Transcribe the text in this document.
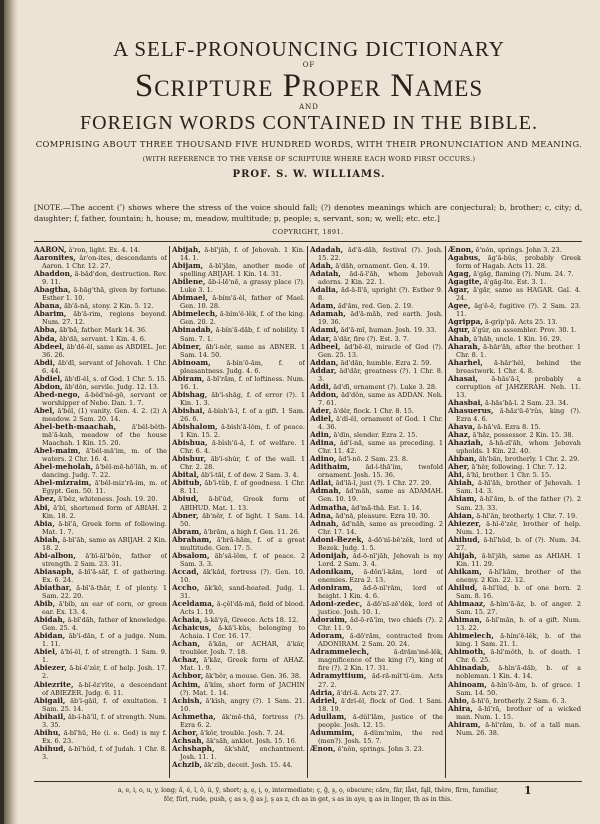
A SELF-PRONOUNCING DICTIONARY
OF
Scripture Proper Names
AND
FOREIGN WORDS CONTAINED IN THE BIBLE.
COMPRISING ABOUT THREE THOUSAND FIVE HUNDRED WORDS, WITH THEIR PRONUNCIATION AND MEANING.
(WITH REFERENCE TO THE VERSE OF SCRIPTURE WHERE EACH WORD FIRST OCCURS.)
PROF. S. W. WILLIAMS.
[NOTE.—The accent (ʹ) shows where the stress of the voice should fall; (?) denotes meanings which are conjectural; b, brother; c, city; d, daughter; f, father, fountain; h, house; m, meadow, multitude; p, people; s, servant, son; w, well; etc. etc.]
COPYRIGHT, 1891.
AARON, â'ron, light. Ex. 4. 14.
Aaronites, âr'on-ites, descendants of Aaron. 1 Chr. 12. 27.
Abaddon, ă-băd'don, destruction. Rev. 9. 11.
Abagtha, ă-băg'thă, given by fortune. Esther 1. 10.
Abana, ăb'ă-nă, stony. 2 Kin. 5. 12.
Abarim, ăb'ă-rim, regions beyond. Num. 27. 12.
Abba, ăb'bă, father. Mark 14. 36.
Abda, ăb'dă, servant. 1 Kin. 4. 6.
Abdeel, ăb'dē-ĕl, same as ABDIEL. Jer. 36. 26.
Abdi, ăb'dī, servant of Jehovah. 1 Chr. 6. 44.
Abdiel, ăb'dī-ĕl, s. of God. 1 Chr. 5. 15.
Abdon, ăb'dŏn, servile. Judg. 12. 13.
Abed-nego, ă-bĕd'nĕ-gō, servant or worshipper of Nebo. Dan. 1. 7.
Abel, ā'bĕl, (1) vanity. Gen. 4. 2. (2) A meadow. 2 Sam. 20. 14.
Abel-beth-maachah, ā'bĕl-bĕth-mā'ă-kah, meadow of the house Maachah. 1 Kin. 15. 20.
Abel-maim, ā'bĕl-mā'im, m. of the waters. 2 Chr. 16. 4.
Abel-meholah, ā'bĕl-mē-hō'lăh, m. of dancing. Judg. 7. 22.
Abel-mizraim, ā'bĕl-miz'rā-im, m. of Egypt. Gen. 50. 11.
Abez, ā'bĕz, whiteness. Josh. 19. 20.
Abi, ā'bī, shortened form of ABIAH. 2 Kin. 18. 2.
Abia, ă-bī'ă, Greek form of following. Mat. 1. 7.
Abiah, ă-bī'ăh, same as ABIJAH. 2 Kin. 18. 2.
Abi-albon, ā'bī-ăl'bŏn, father of strength. 2 Sam. 23. 31.
Abiasaph, ă-bī'ă-săf, f. of gathering. Ex. 6. 24.
Abiathar, ă-bī'ă-thär, f. of plenty. 1 Sam. 22. 20.
Abib, ā'bĭb, an ear of corn, or green ear. Ex. 13. 4.
Abidah, ă-bī'dăh, father of knowledge. Gen. 25. 4.
Abidan, ăb'ĭ-dăn, f. of a judge. Num. 1. 11.
Abiel, ā'bĭ-ĕl, f. of strength. 1 Sam. 9. 1.
Abiezer, ā-bĭ-ē'zĕr, f. of help. Josh. 17. 2.
Abiezrite, ā-bĭ-ēz'rīte, a descendant of ABIEZER. Judg. 6. 11.
Abigail, ăb'ĭ-gāil, f. of exultation. 1 Sam. 25. 14.
Abihail, ăb-ĭ-hā'ĭl, f. of strength. Num. 3. 35.
Abihu, ă-bī'hū, He (i. e. God) is my f. Ex. 6. 23.
Abihud, ă-bī'hŭd, f. of Judah. 1 Chr. 8. 3.
Abijah, ă-bī'jăh, f. of Jehovah. 1 Kin. 14. 1.
Abijam, ă-bī'jăm, another mode of spelling ABIJAH. 1 Kin. 14. 31.
Abilene, ăb-ĭ-lē'nē, a grassy place (?). Luke 3. 1.
Abimael, ă-bĭm'ă-ĕl, father of Mael. Gen. 10. 28.
Abimelech, ă-bĭm'ĕ-lĕk, f. of the king. Gen. 20. 2.
Abinadab, ă-bĭn'ă-dăb, f. of nobility. 1 Sam. 7. 1.
Abiner, ăb'ĭ-nĕr, same as ABNER. 1 Sam. 14. 50.
Abinoam, ă-bĭn'ō-ăm, f. of pleasantness. Judg. 4. 6.
Abiram, ă-bī'răm, f. of loftiness. Num. 16. 1.
Abishag, ăb'ĭ-shăg, f. of error (?). 1 Kin. 1. 3.
Abishai, ă-bĭsh'ā-ī, f. of a gift. 1 Sam. 26. 6.
Abishalom, ă-bĭsh'ă-lŏm, f. of peace. 1 Kin. 15. 2.
Abishua, ă-bĭsh'ū-ă, f. of welfare. 1 Chr. 6. 4.
Abishur, ăb'ĭ-shŭr, f. of the wall. 1 Chr. 2. 28.
Abital, ăb'ĭ-tăl, f. of dew. 2 Sam. 3. 4.
Abitub, ăb'ĭ-tŭb, f. of goodness. 1 Chr. 8. 11.
Abiud, ă-bī'ŭd, Greek form of ABIHUD. Mat. 1. 13.
Abner, ăb'nĕr, f. of light. 1 Sam. 14. 50.
Abram, ā'brăm, a high f. Gen. 11. 26.
Abraham, ā'bră-hăm, f. of a great multitude. Gen. 17. 5.
Absalom, ăb'să-lŏm, f. of peace. 2 Sam. 3. 3.
Accad, ăk'kăd, fortress (?). Gen. 10. 10.
Accho, ăk'kō, sand-heated. Judg. 1. 31.
Aceldama, ă-çĕl'dă-mă, field of blood. Acts 1. 19.
Achaia, ă-kā'yă, Greece. Acts 18. 12.
Achaicus, ă-kā'ĭ-kŭs, belonging to Achaia. 1 Cor. 16. 17.
Achan, ā'kăn, or ACHAR, ā'kär, troubler. Josh. 7. 18.
Achaz, ā'kăz, Greek form of AHAZ. Mat. 1. 9.
Achbor, ăk'bŏr, a mouse. Gen. 36. 38.
Achim, ā'kĭm, short form of JACHIN (?). Mat. 1. 14.
Achish, ā'kĭsh, angry (?). 1 Sam. 21. 10.
Achmetha, ăk'mē-thă, fortress (?). Ezra 6. 2.
Achor, ā'kŏr, trouble. Josh. 7. 24.
Achsah, ăk'săh, anklet. Josh. 15. 16.
Achshaph, ăk'shăf, enchantment. Josh. 11. 1.
Achzib, ăk'zĭb, deceit. Josh. 15. 44.
Adadah, ăd'ă-dăh, festival (?). Josh. 15. 22.
Adah, ā'dăh, ornament. Gen. 4. 19.
Adaiah, ăd-ă-ī'ăh, whom Jehovah adorns. 2 Kin. 22. 1.
Adalia, ăd-ă-lī'ă, upright (?). Esther 9. 8.
Adam, ăd'ăm, red. Gen. 2. 19.
Adamah, ăd'ă-măh, red earth. Josh. 19. 36.
Adami, ăd'ă-mī, human. Josh. 19. 33.
Adar, ā'dăr, fire (?). Est. 3. 7.
Adbeel, ăd'bē-ĕl, miracle of God (?). Gen. 25. 13.
Addan, ăd'dăn, humble. Ezra 2. 59.
Addar, ăd'dăr, greatness (?). 1 Chr. 8. 3.
Addi, ăd'dī, ornament (?). Luke 3. 28.
Addon, ăd'dŏn, same as ADDAN. Neh. 7. 61.
Ader, ā'dĕr, flock. 1 Chr. 8. 15.
Adiel, ā'dĭ-ĕl, ornament of God. 1 Chr. 4. 36.
Adin, ā'dĭn, slender. Ezra 2. 15.
Adina, ăd'ĭ-nă, same as preceding. 1 Chr. 11. 42.
Adino, ăd'ĭ-nō. 2 Sam. 23. 8.
Adithaim, ăd-ĭ-thā'ĭm, twofold ornament. Josh. 15. 36.
Adlai, ăd'lā-ī, just (?). 1 Chr. 27. 29.
Admah, ăd'măh, same as ADAMAH. Gen. 10. 19.
Admatha, ăd'mă-thă. Est. 1. 14.
Adna, ăd'nă, pleasure. Ezra 10. 30.
Adnah, ăd'năh, same as preceding. 2 Chr. 17. 14.
Adoni-Bezek, ă-dō'nī-bē'zĕk, lord of Bezek. Judg. 1. 5.
Adonijah, ăd-ō-nī'jăh, Jehovah is my Lord. 2 Sam. 3. 4.
Adonikam, ă-dŏn'ĭ-kăm, lord of enemies. Ezra 2. 13.
Adoniram, ăd-ō-nī'răm, lord of height. 1 Kin. 4. 6.
Adoni-zedec, ă-dō'nī-zē'dĕk, lord of justice. Josh. 10. 1.
Adoraim, ăd-ō-rā'ĭm, two chiefs (?). 2 Chr. 11. 9.
Adoram, ă-dō'răm, contracted from ADONIRAM. 2 Sam. 20. 24.
Adrammelech, ă-drăm'mĕ-lĕk, magnificence of the king (?), king of fire (?). 2 Kin. 17. 31.
Adramyttium, ăd-ră-mĭt'tĭ-ŭm. Acts 27. 2.
Adria, ā'drĭ-ă. Acts 27. 27.
Adriel, ā'drĭ-ĕl, flock of God. 1 Sam. 18. 19.
Adullam, ă-dŭl'lăm, justice of the people. Josh. 12. 15.
Adummim, ă-dŭm'mĭm, the red (men?). Josh. 15. 7.
Ænon, ē'nŏn, springs. John 3. 23.
Ænon, ē'nŏn, springs. John 3. 23.
Agabus, ăg'ă-bŭs, probably Greek form of Hagab. Acts 11. 28.
Agag, ā'găg, flaming (?). Num. 24. 7.
Agagite, ā'găg-īte. Est. 3. 1.
Agar, ā'găr, same as HAGAR. Gal. 4. 24.
Agee, ăg'ē-ē, fugitive (?). 2 Sam. 23. 11.
Agrippa, ă-grĭp'pă. Acts 25. 13.
Agur, ā'gŭr, an assembler. Prov. 30. 1.
Ahab, ā'hăb, uncle. 1 Kin. 16. 29.
Aharah, ă-hăr'ăh, after the brother. 1 Chr. 8. 1.
Aharhel, ă-hăr'hĕl, behind the breastwork. 1 Chr. 4. 8.
Ahasai, ă-hăs'ā-ī, probably a corruption of JAHZERAH. Neh. 11. 13.
Ahasbai, ă-hăs'bā-ī. 2 Sam. 23. 34.
Ahasuerus, ă-hăz'ū-ē'rŭs, king (?). Ezra 4. 6.
Ahava, ă-hā'vă. Ezra 8. 15.
Ahaz, ā'hăz, possessor. 2 Kin. 15. 38.
Ahaziah, ā-hă-zī'ăh, whom Jehovah upholds. 1 Kin. 22. 40.
Ahban, ăh'băn, brotherly. 1 Chr. 2. 29.
Aher, ā'hĕr, following. 1 Chr. 7. 12.
Ahi, ā'hī, brother. 1 Chr. 5. 15.
Ahiah, ă-hī'ăh, brother of Jehovah. 1 Sam. 14. 3.
Ahiam, ă-hī'ăm, b. of the father (?). 2 Sam. 23. 33.
Ahian, ă-hī'ăn, brotherly. 1 Chr. 7. 19.
Ahiezer, ā-hĭ-ē'zĕr, brother of help. Num. 1. 12.
Ahihud, ă-hī'hŭd, b. of (?). Num. 34. 27.
Ahijah, ă-hī'jăh, same as AHIAH. 1 Kin. 11. 29.
Ahikam, ă-hī'kăm, brother of the enemy. 2 Kin. 22. 12.
Ahilud, ă-hī'lŭd, b. of one born. 2 Sam. 8. 16.
Ahimaaz, ă-hĭm'ă-ăz, b. of anger. 2 Sam. 15. 27.
Ahiman, ă-hī'măn, b. of a gift. Num. 13. 22.
Ahimelech, ă-hĭm'ĕ-lĕk, b. of the king. 1 Sam. 21. 1.
Ahimoth, ă-hī'mŏth, b. of death. 1 Chr. 6. 25.
Ahinadab, ă-hĭn'ă-dăb, b. of a nobleman. 1 Kin. 4. 14.
Ahinoam, ă-hĭn'ō-ăm, b. of grace. 1 Sam. 14. 50.
Ahio, ă-hī'ō, brotherly. 2 Sam. 6. 3.
Ahira, ă-hī'ră, brother of a wicked man. Num. 1. 15.
Ahiram, ă-hī'răm, b. of a tall man. Num. 26. 38.
a, e, i, o, u, y, long; ă, ĕ, ĭ, ŏ, ŭ, y̆, short; a̤, e̤, i̤, ọ, intermediate; ç, ḡ, s̤, ọ, obscure; cãre, fär, låst, fąll, thêre, fîrm, familiar,
fôr, fûrl, rude, push, ç as s, ḡ as j, s̤ as z, ch as in get, s as in aye, ṉ as in linger, th as in this.
1
